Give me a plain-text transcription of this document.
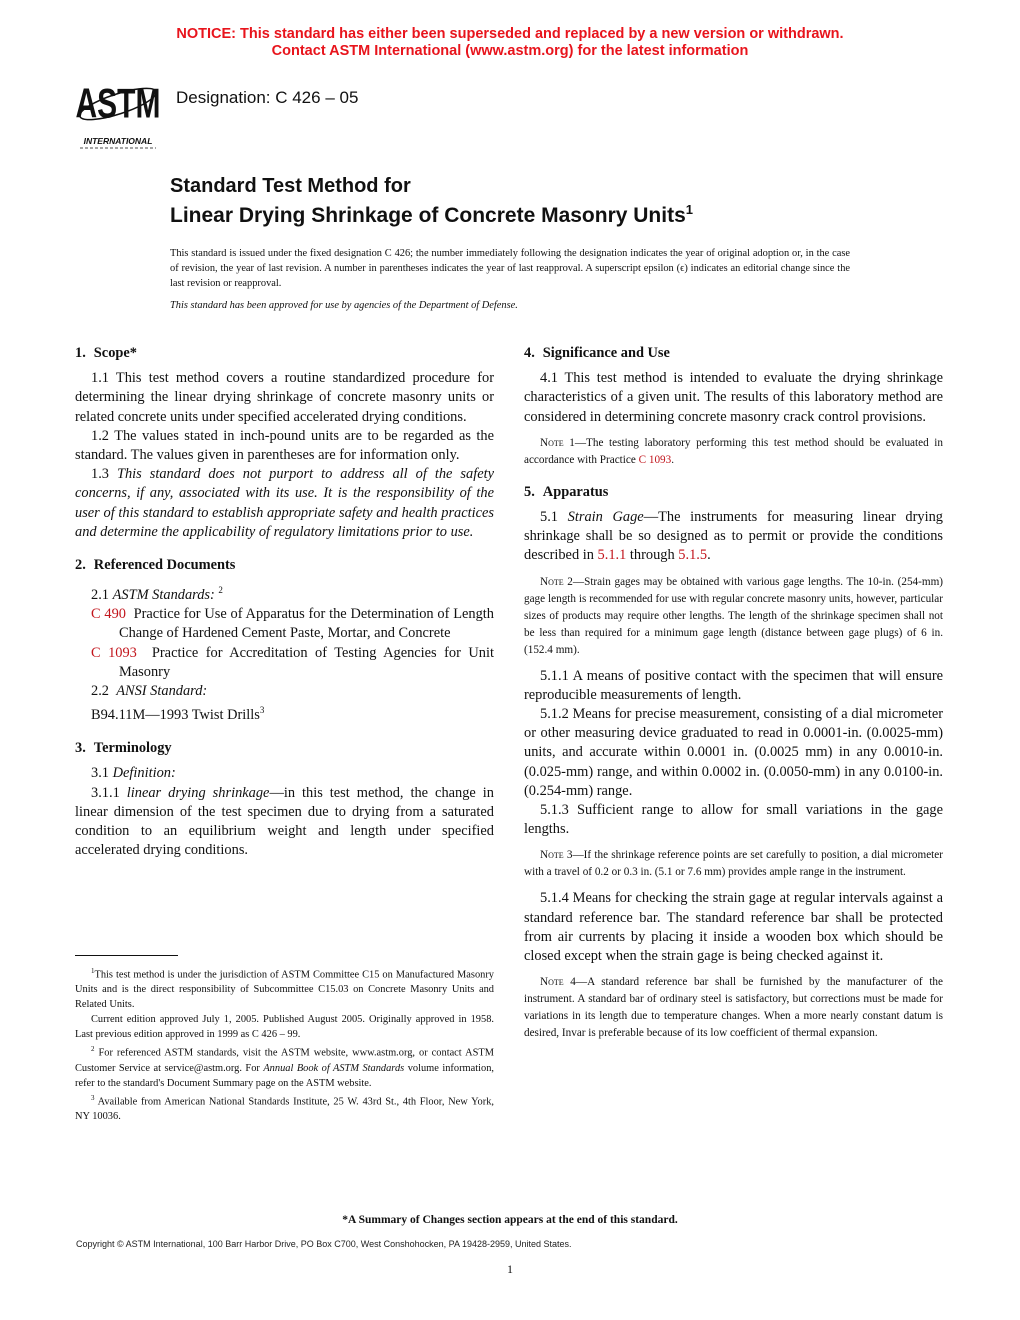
NOTICE: This standard has either been superseded and replaced by a new version or withdrawn.
Contact ASTM International (www.astm.org) for the latest information
ASTM
INTERNATIONAL
Designation: C 426 – 05
Standard Test Method for
Linear Drying Shrinkage of Concrete Masonry Units$^1$
This standard is issued under the fixed designation C 426; the number immediately following the designation indicates the year of original adoption or, in the case of revision, the year of last revision. A number in parentheses indicates the year of last reapproval. A superscript epsilon (ϵ) indicates an editorial change since the last revision or reapproval.
This standard has been approved for use by agencies of the Department of Defense.
1. Scope*

1.1 This test method covers a routine standardized procedure for determining the linear drying shrinkage of concrete masonry units or related concrete units under specified accelerated drying conditions.

1.2 The values stated in inch-pound units are to be regarded as the standard. The values given in parentheses are for information only.

1.3 This standard does not purport to address all of the safety concerns, if any, associated with its use. It is the responsibility of the user of this standard to establish appropriate safety and health practices and determine the applicability of regulatory limitations prior to use.

2. Referenced Documents

2.1 ASTM Standards: $^2$

C 490 Practice for Use of Apparatus for the Determination of Length Change of Hardened Cement Paste, Mortar, and Concrete

C 1093 Practice for Accreditation of Testing Agencies for Unit Masonry

2.2 ANSI Standard:

B94.11M—1993 Twist Drills$^3$

3. Terminology

3.1 Definition:

3.1.1 linear drying shrinkage—in this test method, the change in linear dimension of the test specimen due to drying from a saturated condition to an equilibrium weight and length under specified accelerated drying conditions.

$^1$This test method is under the jurisdiction of ASTM Committee C15 on Manufactured Masonry Units and is the direct responsibility of Subcommittee C15.03 on Concrete Masonry Units and Related Units.

Current edition approved July 1, 2005. Published August 2005. Originally approved in 1958. Last previous edition approved in 1999 as C 426 – 99.

$^2$ For referenced ASTM standards, visit the ASTM website, www.astm.org, or contact ASTM Customer Service at service@astm.org. For Annual Book of ASTM Standards volume information, refer to the standard's Document Summary page on the ASTM website.

$^3$ Available from American National Standards Institute, 25 W. 43rd St., 4th Floor, New York, NY 10036.

4. Significance and Use

4.1 This test method is intended to evaluate the drying shrinkage characteristics of a given unit. The results of this laboratory method are considered in determining concrete masonry crack control provisions.

Note 1—The testing laboratory performing this test method should be evaluated in accordance with Practice C 1093.

5. Apparatus

5.1 Strain Gage—The instruments for measuring linear drying shrinkage shall be so designed as to permit or provide the conditions described in 5.1.1 through 5.1.5.

Note 2—Strain gages may be obtained with various gage lengths. The 10-in. (254-mm) gage length is recommended for use with regular concrete masonry units, however, particular sizes of products may require other lengths. The length of the shrinkage specimen shall not be less than required for a minimum gage length (distance between gage plugs) of 6 in. (152.4 mm).

5.1.1 A means of positive contact with the specimen that will ensure reproducible measurements of length.

5.1.2 Means for precise measurement, consisting of a dial micrometer or other measuring device graduated to read in 0.0001-in. (0.0025-mm) units, and accurate within 0.0001 in. (0.0025 mm) in any 0.0010-in. (0.025-mm) range, and within 0.0002 in. (0.0050-mm) in any 0.0100-in. (0.254-mm) range.

5.1.3 Sufficient range to allow for small variations in the gage lengths.

Note 3—If the shrinkage reference points are set carefully to position, a dial micrometer with a travel of 0.2 or 0.3 in. (5.1 or 7.6 mm) provides ample range in the instrument.

5.1.4 Means for checking the strain gage at regular intervals against a standard reference bar. The standard reference bar shall be protected from air currents by placing it inside a wooden box which should be closed except when the strain gage is being checked against it.

Note 4—A standard reference bar shall be furnished by the manufacturer of the instrument. A standard bar of ordinary steel is satisfactory, but corrections must be made for variations in its length due to temperature changes. When a more nearly constant datum is desired, Invar is preferable because of its low coefficient of thermal expansion.

*A Summary of Changes section appears at the end of this standard.
Copyright © ASTM International, 100 Barr Harbor Drive, PO Box C700, West Conshohocken, PA 19428-2959, United States.
1
